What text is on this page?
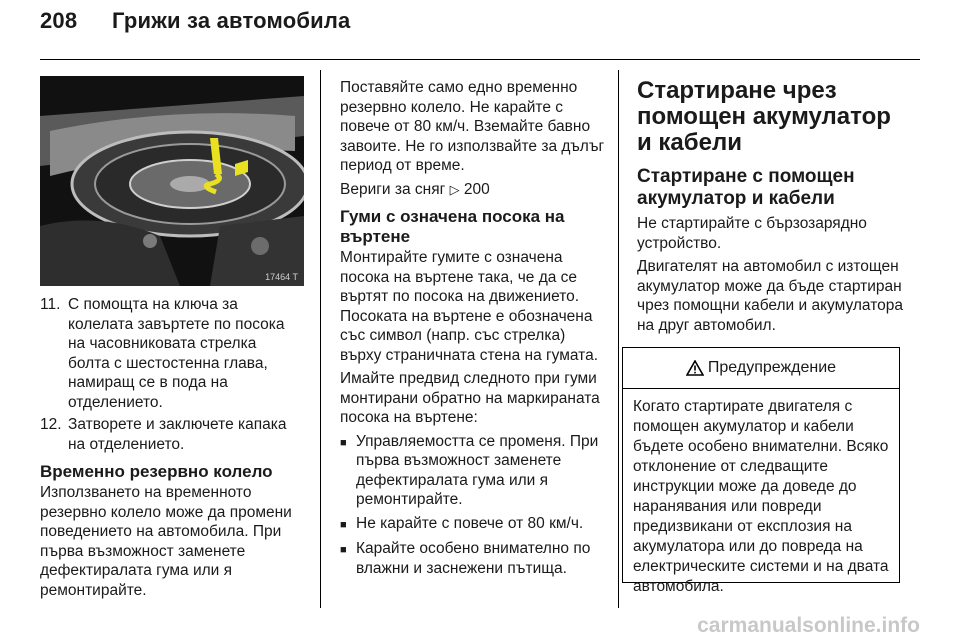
208 Грижи за автомобила
17464 T
11. С помощта на ключа за колелата завъртете по посока на часовниковата стрелка болта с шестостенна глава, намиращ се в пода на отделението.
12. Затворете и заключете капака на отделението.
Временно резервно колело

Използването на временното резервно колело може да промени поведението на автомобила. При първа възможност заменете дефектиралата гума или я ремонтирайте.

Поставяйте само едно временно резервно колело. Не карайте с повече от 80 км/ч. Вземайте бавно завоите. Не го използвайте за дълъг период от време.

Вериги за сняг ▷ 200

Гуми с означена посока на въртене

Монтирайте гумите с означена посока на въртене така, че да се въртят по посока на движението. Посоката на въртене е обозначена със символ (напр. със стрелка) върху страничната стена на гумата.

Имайте предвид следното при гуми монтирани обратно на маркираната посока на въртене:

■ Управляемостта се променя. При първа възможност заменете дефектиралата гума или я ремонтирайте.
■ Не карайте с повече от 80 км/ч.
■ Карайте особено внимателно по влажни и заснежени пътища.
Стартиране чрез помощен акумулатор и кабели
Стартиране с помощен акумулатор и кабели

Не стартирайте с бързозарядно устройство.

Двигателят на автомобил с изтощен акумулатор може да бъде стартиран чрез помощни кабели и акумулатора на друг автомобил.

Предупреждение
Когато стартирате двигателя с помощен акумулатор и кабели бъдете особено внимателни. Всяко отклонение от следващите инструкции може да доведе до наранявания или повреди предизвикани от експлозия на акумулатора или до повреда на електрическите системи и на двата автомобила.
carmanualsonline.info
